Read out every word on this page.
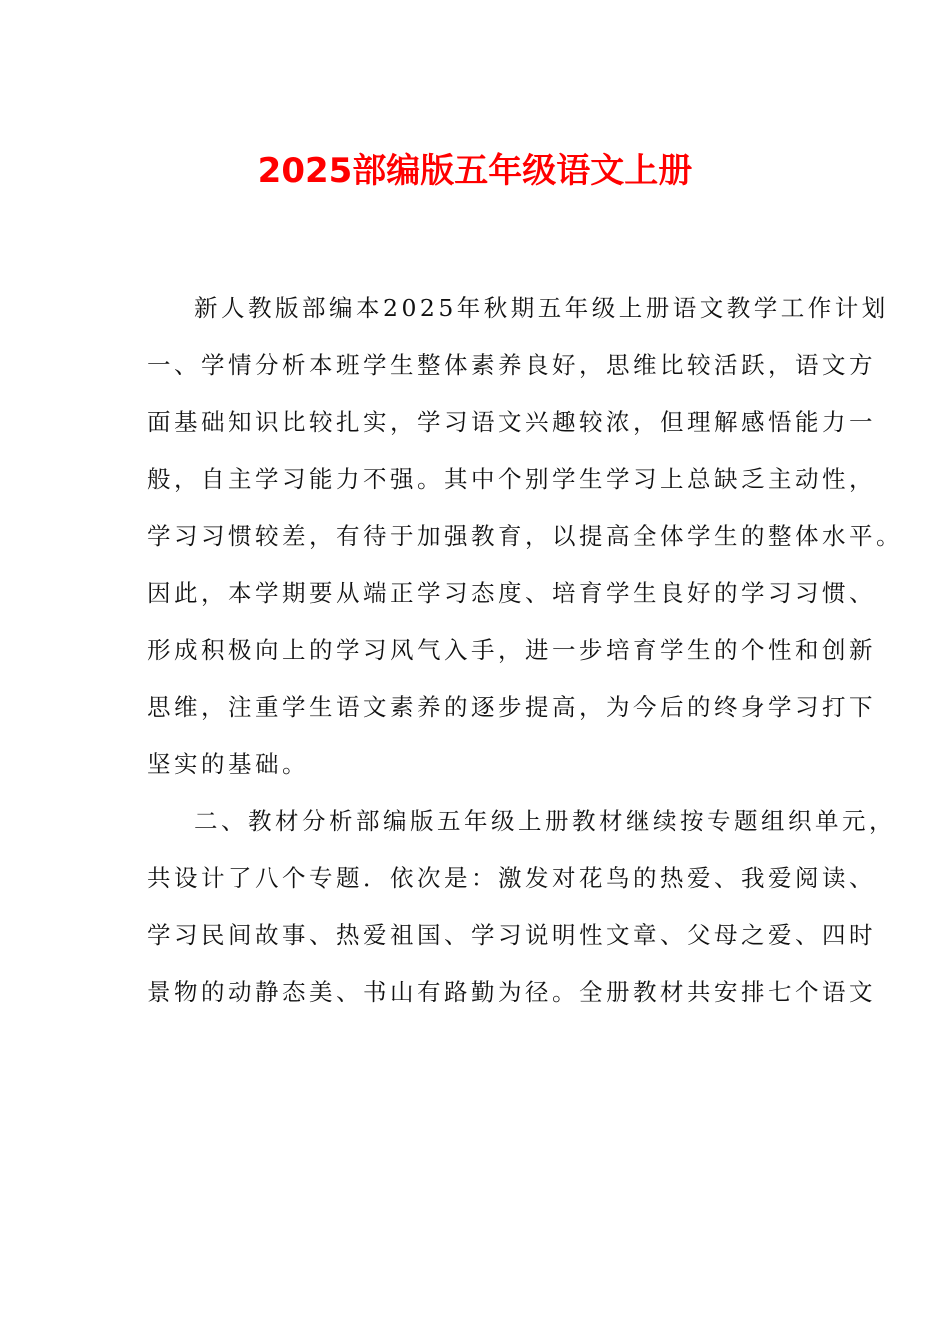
2025部编版五年级语文上册
新人教版部编本2025年秋期五年级上册语文教学工作计划
一、学情分析本班学生整体素养良好，思维比较活跃，语文方
面基础知识比较扎实，学习语文兴趣较浓，但理解感悟能力一
般，自主学习能力不强。其中个别学生学习上总缺乏主动性，
学习习惯较差，有待于加强教育，以提高全体学生的整体水平。
因此，本学期要从端正学习态度、培育学生良好的学习习惯、
形成积极向上的学习风气入手，进一步培育学生的个性和创新
思维，注重学生语文素养的逐步提高，为今后的终身学习打下
坚实的基础。
二、教材分析部编版五年级上册教材继续按专题组织单元，
共设计了八个专题．依次是：激发对花鸟的热爱、我爱阅读、
学习民间故事、热爱祖国、学习说明性文章、父母之爱、四时
景物的动静态美、书山有路勤为径。全册教材共安排七个语文
